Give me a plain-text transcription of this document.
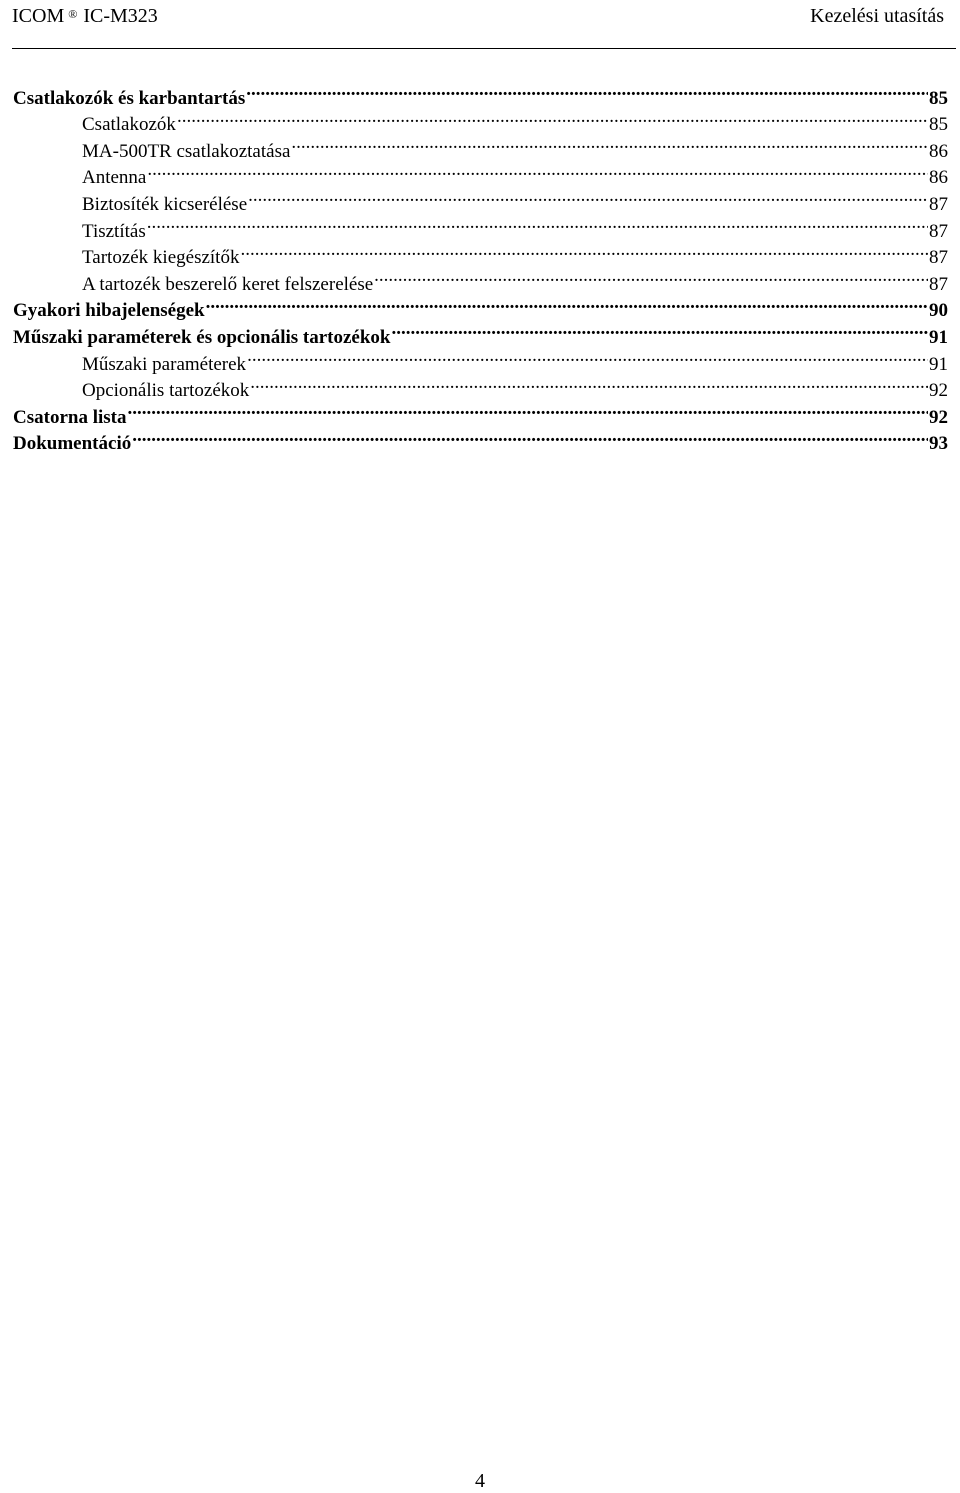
ICOM ® IC-M323	Kezelési utasítás
Csatlakozók és karbantartás .....	85
Csatlakozók .....	85
MA-500TR csatlakoztatása .....	86
Antenna .....	86
Biztosíték kicserélése .....	87
Tisztítás .....	87
Tartozék kiegészítők .....	87
A tartozék beszerelő keret felszerelése .....	87
Gyakori hibajelenségek .....	90
Műszaki paraméterek és opcionális tartozékok .....	91
Műszaki paraméterek .....	91
Opcionális tartozékok .....	92
Csatorna lista .....	92
Dokumentáció .....	93
4
